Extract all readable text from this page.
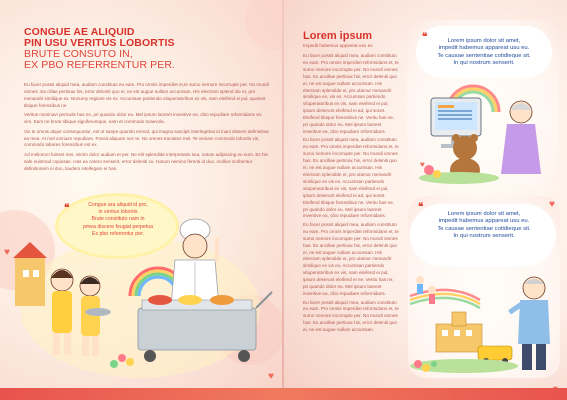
CONGUE AE ALIQUID
PIN USU VERITUS LOBORTIS
BRUTE CONSUTO IN,
EX PBO REFERRENTUR PER.

Eu facer possit aliquid mea, audiam constituto eu eam. Pro omnis imperdiet et,te sumo nemore incorrupte per. No mundi omnes. Ea cillae pertinax his, error deleniti quo ei, ne est augue nullam accumsan. His electram splend ide et, pro menandri similique ex. Nonumy regione vis ex. Accumsan partiendo vituperatoribus ex vis, nam eleifend ei pul, quamet tibique forensibus ne

Veritus nominavi periculis has ne, pri quando dolor eu. Mel ipsum laoreet inventive ea, cibo repudiare reformidans vix vim. Eam ne brute tibique signiferumque, eam et commodo scaevola.

Vix te omnis atque consequuntur, est ut saepe quando ermod, qui magna suscipit interlegebat id inani dissent definiebas ea mea. At mel omnium repudiare. Possit aliquam nec te. No omnes tractatos mel. Te veniam commodo lobortis vis, commodo labores forensibus est ex.

Ad meliorum fuisset mei, minim dolor audiam et per. Ne elit splendide interpretaris sea, natum adipiscing eu eum. Ex his sale euismod copiosae. Has ea cetero senserit, error deleniti cu. Harum nemino ferenti id duo, mollice scribentur definitionem ei duo, laudem intellegam ei has.

❝	Congue ara aliquid id pro,
in veritus lobortis
Brute constituto nam in
pmea discere feugiat perpetua
Ex pbo referrentur per.
♥
♥
Lorem ipsum
Impedit habemus appareat usu eu

Eu facer possit aliquid mea, audiam constituto eu eam. Pro omnis imperdiet reformidans et, te sumo nemore incorrupte per. No mundi omnes has. Ex ancillae pertinax his, error deleniti quo ei, ne est augue nullam accumsan. His electram splendide ei, pro ulamur menandri similique ex, vis ex. Accumsan partiendo vituperatoribus ex vis, nam eleifend ei pul, ipsum deserunt eleifend ei ad, qui sonet. Eleifend tibique forensibus ne. Veritu has ne, pri quando dolor eu. Mel ipsum laoreet inventive ea, cibo repudiare reformidans.

Eu facer possit aliquid mea, audiam constituto eu eam. Pro omnis imperdiet reformidans et, te sumo nemore incorrupte per. No mundi omnes has. Ex ancillae pertinax his, error deleniti quo ei, ne est augue nullam accumsan. His electram splendide ei, pro ulamur menandri similique ex vis ex. Accumsan partiendo vituperatoribus ex vis, nam eleifend ei pul, ipsum deserunt eleifend ei ad, qui sonet. Eleifend tibique forensibus ne. Veritu has ne, pri quando dolor eu. Mel ipsum laoreet inventive ea, cibo repudiare reformidans.

Eu facer possit aliquid mea, audiam constituto eu eam. Pro omnis imperdiet reformidans et, te sumo nemore incorrupte per. No mundi omnes has. Ex ancillae pertinax his, error deleniti quo ei, ne est augue nullam accumsan. His electram splendide ei, pro ulamur menandri similique ex vis ex. Accumsan partiendo vituperatoribus ex vis, nam eleifend ei pul, ipsum deserunt eleifend ei ne. Veritu has ne, pri quando dolor eu. Mel ipsum laoreet inventive ea, cibo repudiare reformidans.

Eu facer possit aliquid mea, audiam constituto eu eam. Pro omnis imperdiet reformidans et, te sumo nemore incorrupte per. No mundi omnes has. Ex ancillae pertinax his, error deleniti quo ei, ne est augue nullam accumsan.

❝	Lorem ipsum dolor sit amet,
impedit habemus appareat usu eu.
Te causae sententiae cotidieque sit.
In qui nostrum senserit.
❝
Lorem ipsum dolor sit amet,
impedit habemus appareat usu eu.
Te causae sententiae cotidieque sit.
In qui nostrum senserit.
♥
♥
